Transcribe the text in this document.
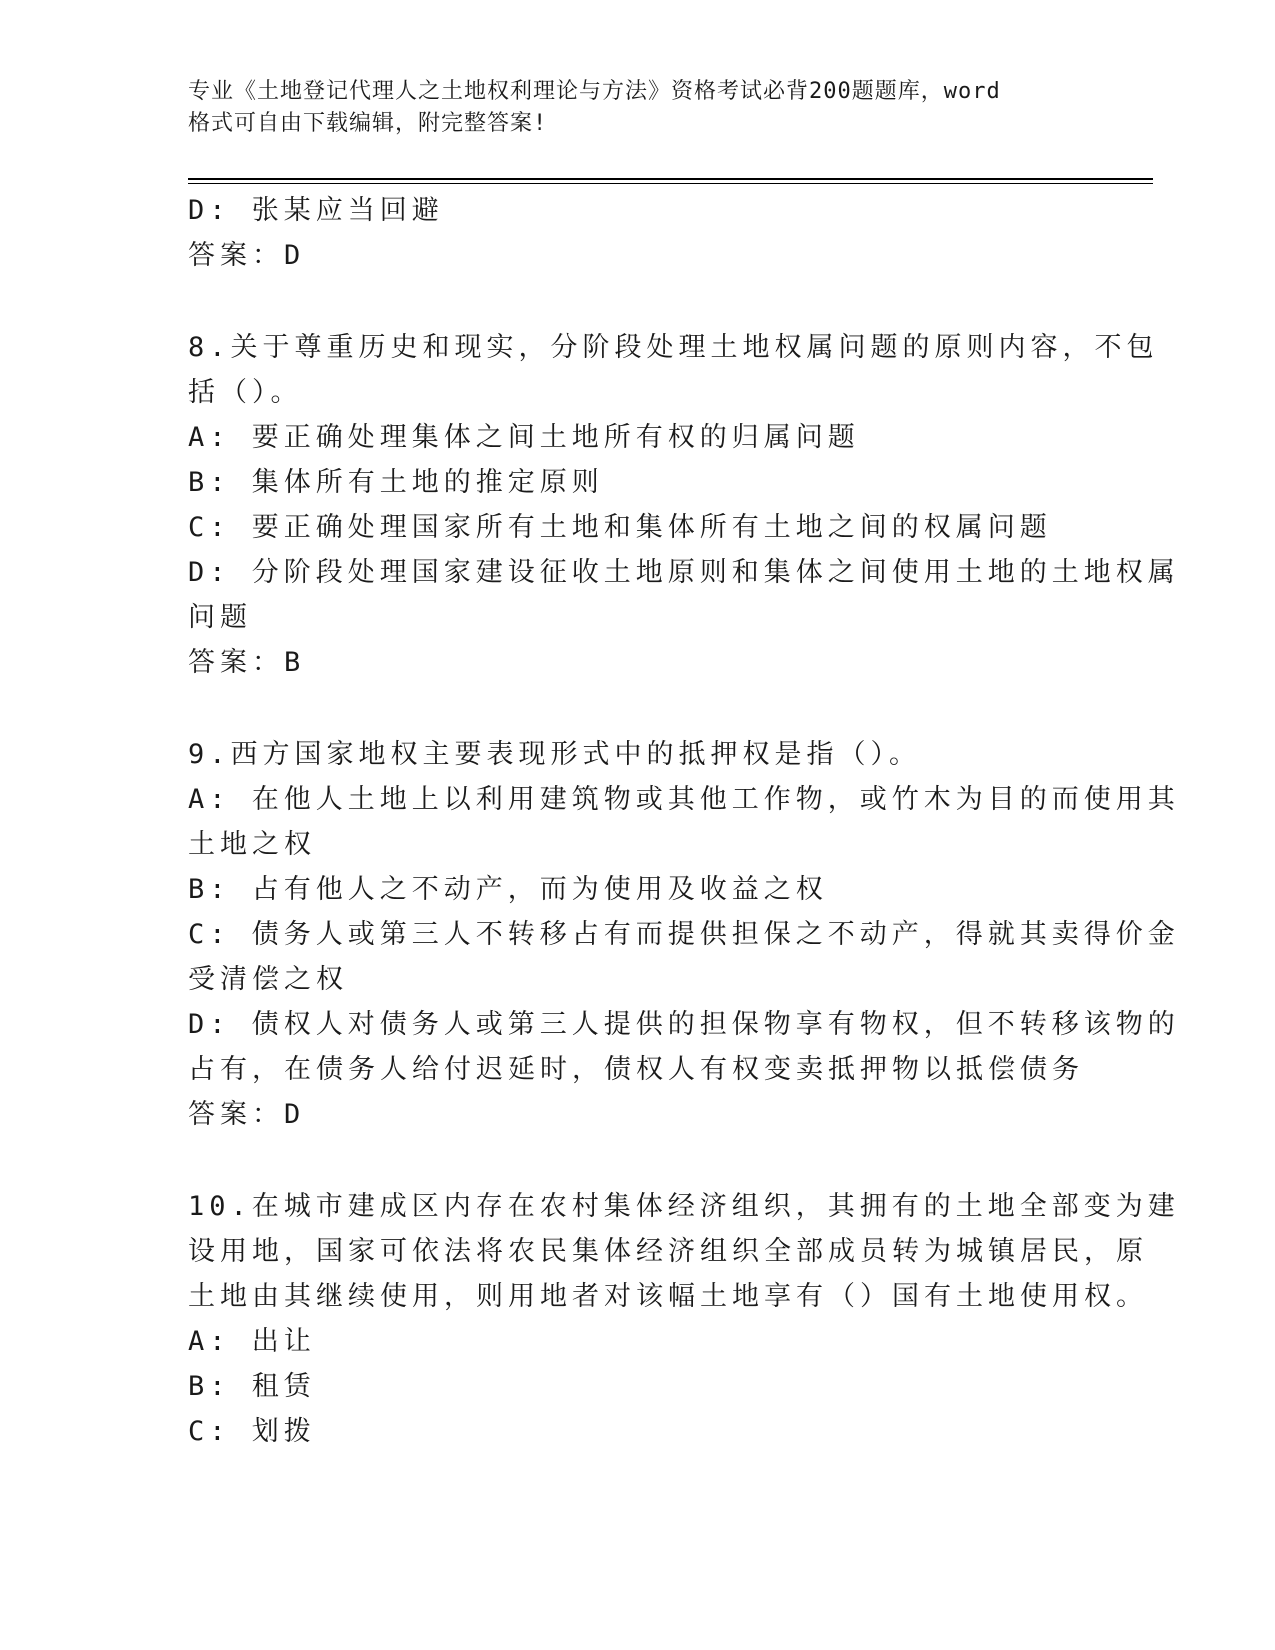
专业《土地登记代理人之土地权利理论与方法》资格考试必背200题题库，word
格式可自由下载编辑，附完整答案!
D: 张某应当回避
答案：D
8.关于尊重历史和现实，分阶段处理土地权属问题的原则内容，不包
括（）。
A: 要正确处理集体之间土地所有权的归属问题
B: 集体所有土地的推定原则
C: 要正确处理国家所有土地和集体所有土地之间的权属问题
D: 分阶段处理国家建设征收土地原则和集体之间使用土地的土地权属
问题
答案：B
9.西方国家地权主要表现形式中的抵押权是指（）。
A: 在他人土地上以利用建筑物或其他工作物，或竹木为目的而使用其
土地之权
B: 占有他人之不动产，而为使用及收益之权
C: 债务人或第三人不转移占有而提供担保之不动产，得就其卖得价金
受清偿之权
D: 债权人对债务人或第三人提供的担保物享有物权，但不转移该物的
占有，在债务人给付迟延时，债权人有权变卖抵押物以抵偿债务
答案：D
10.在城市建成区内存在农村集体经济组织，其拥有的土地全部变为建
设用地，国家可依法将农民集体经济组织全部成员转为城镇居民，原
土地由其继续使用，则用地者对该幅土地享有（）国有土地使用权。
A: 出让
B: 租赁
C: 划拨
